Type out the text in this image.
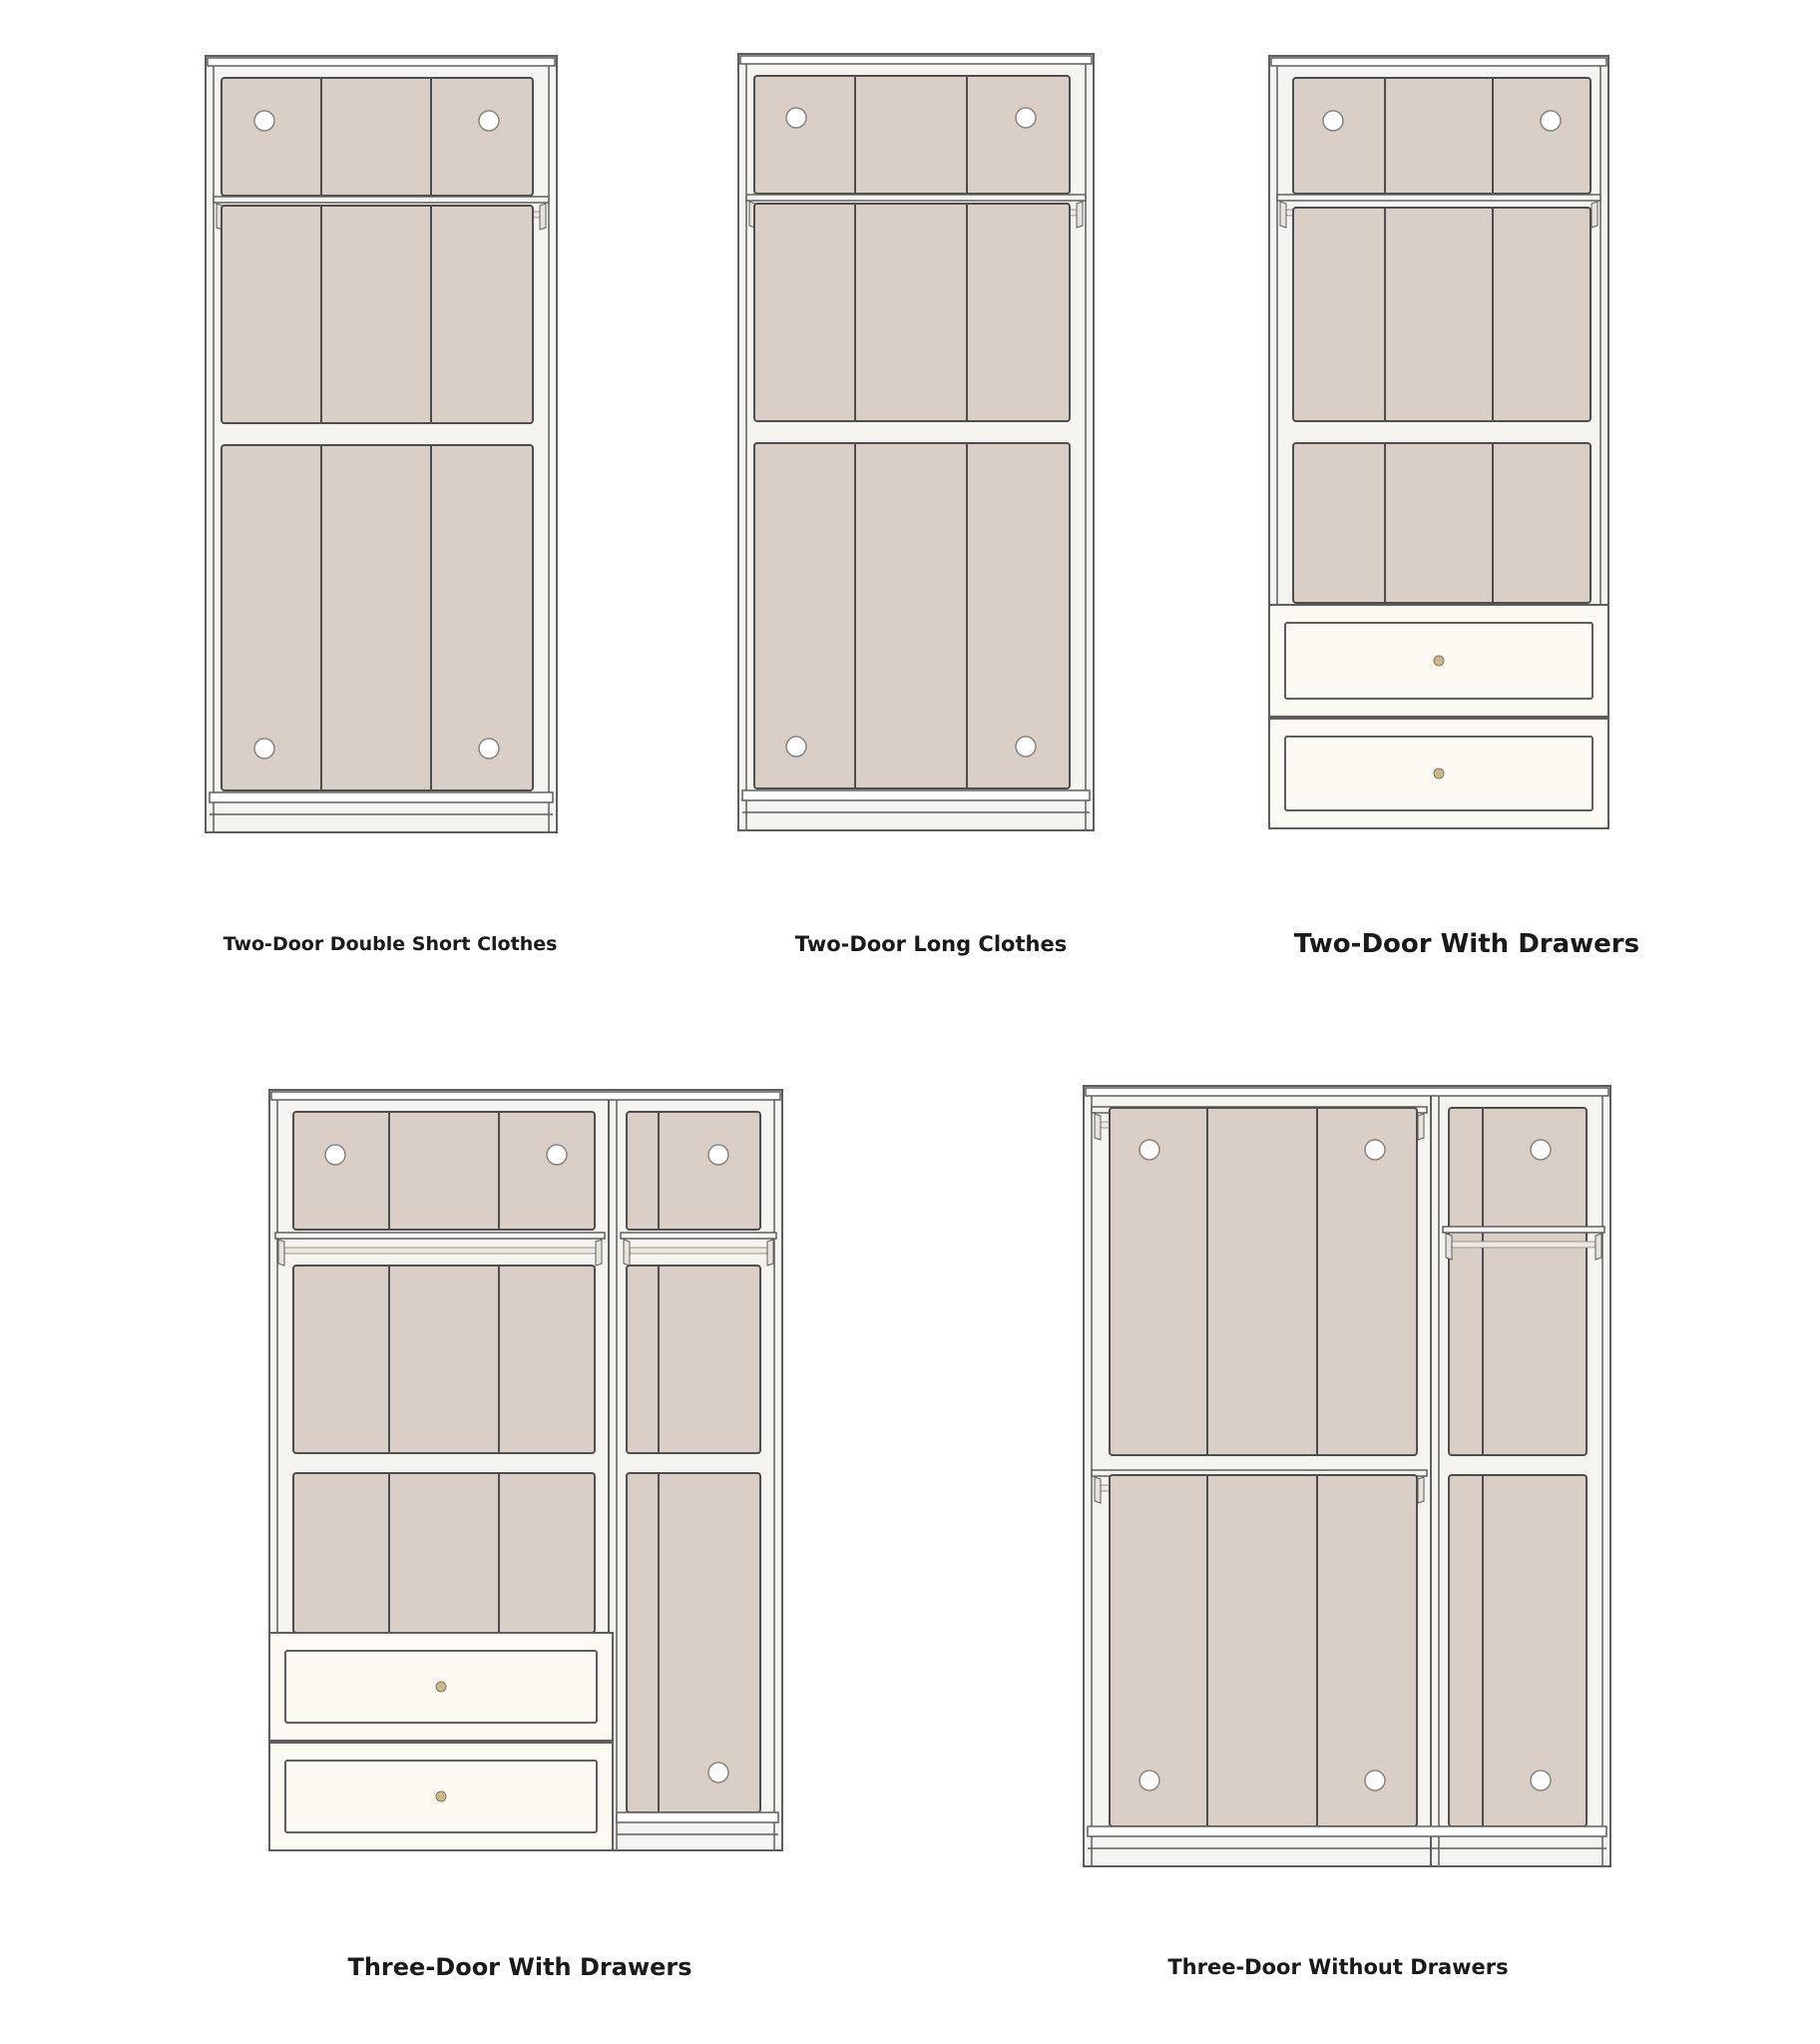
Two-Door Double Short Clothes	Two-Door Long Clothes	Two-Door With Drawers
Three-Door With Drawers	Three-Door Without Drawers
